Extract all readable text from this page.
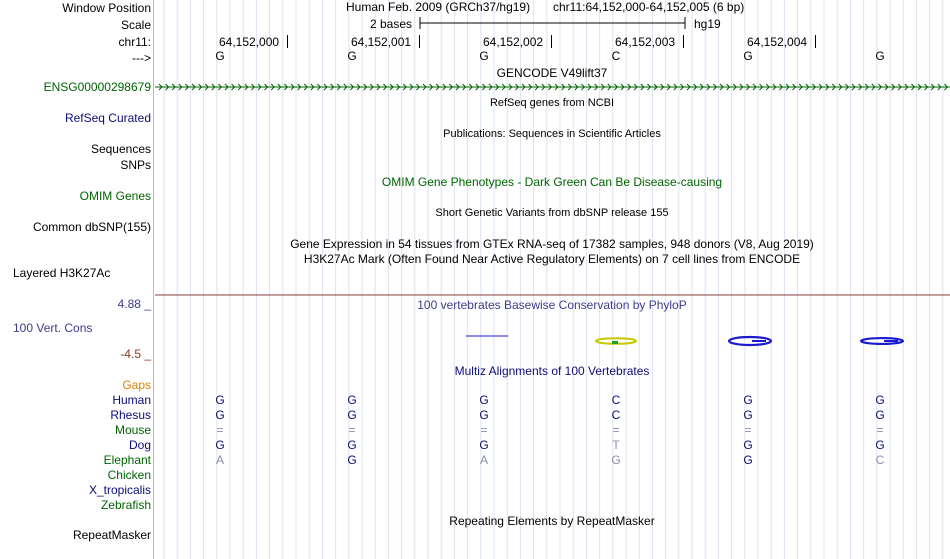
Window Position
Scale
chr11:
--->
ENSG00000298679
RefSeq Curated
Sequences
SNPs
OMIM Genes
Common dbSNP(155)
Layered H3K27Ac
4.88 _
100 Vert. Cons
-4.5 _
Gaps
Human
Rhesus
Mouse
Dog
Elephant
Chicken
X_tropicalis
Zebrafish
RepeatMasker
Human Feb. 2009 (GRCh37/hg19) chr11:64,152,000-64,152,005 (6 bp)
2 bases	hg19
64,152,000	64,152,001	64,152,002	64,152,003	64,152,004
G	G	G	C	G	G
GENCODE V49lift37
RefSeq genes from NCBI
Publications: Sequences in Scientific Articles
OMIM Gene Phenotypes - Dark Green Can Be Disease-causing
Short Genetic Variants from dbSNP release 155
Gene Expression in 54 tissues from GTEx RNA-seq of 17382 samples, 948 donors (V8, Aug 2019)
H3K27Ac Mark (Often Found Near Active Regulatory Elements) on 7 cell lines from ENCODE
100 vertebrates Basewise Conservation by PhyloP
Multiz Alignments of 100 Vertebrates
G	G	G	C	G	G
G	G	G	C	G	G
=	=	=	=	=	=
G	G	G	T	G	G
A	G	A	G	G	C
Repeating Elements by RepeatMasker
